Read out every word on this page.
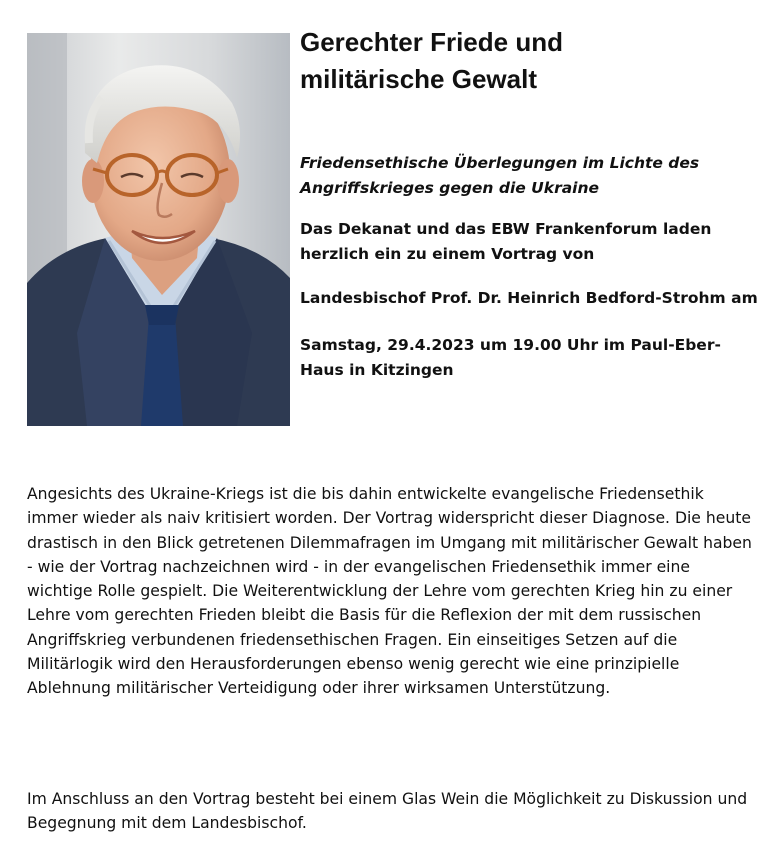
Gerechter Friede und
militärische Gewalt

Friedensethische Überlegungen im Lichte des Angriffskrieges gegen die Ukraine

Das Dekanat und das EBW Frankenforum laden herzlich ein zu einem Vortrag von

Landesbischof Prof. Dr. Heinrich Bedford-Strohm am

Samstag, 29.4.2023 um 19.00 Uhr im Paul-Eber-Haus in Kitzingen

Angesichts des Ukraine-Kriegs ist die bis dahin entwickelte evangelische Friedensethik immer wieder als naiv kritisiert worden. Der Vortrag widerspricht dieser Diagnose. Die heute drastisch in den Blick getretenen Dilemmafragen im Umgang mit militärischer Gewalt haben - wie der Vortrag nachzeichnen wird - in der evangelischen Friedensethik immer eine wichtige Rolle gespielt. Die Weiterentwicklung der Lehre vom gerechten Krieg hin zu einer Lehre vom gerechten Frieden bleibt die Basis für die Reflexion der mit dem russischen Angriffskrieg verbundenen friedensethischen Fragen. Ein einseitiges Setzen auf die Militärlogik wird den Herausforderungen ebenso wenig gerecht wie eine prinzipielle Ablehnung militärischer Verteidigung oder ihrer wirksamen Unterstützung.

Im Anschluss an den Vortrag besteht bei einem Glas Wein die Möglichkeit zu Diskussion und Begegnung mit dem Landesbischof.
